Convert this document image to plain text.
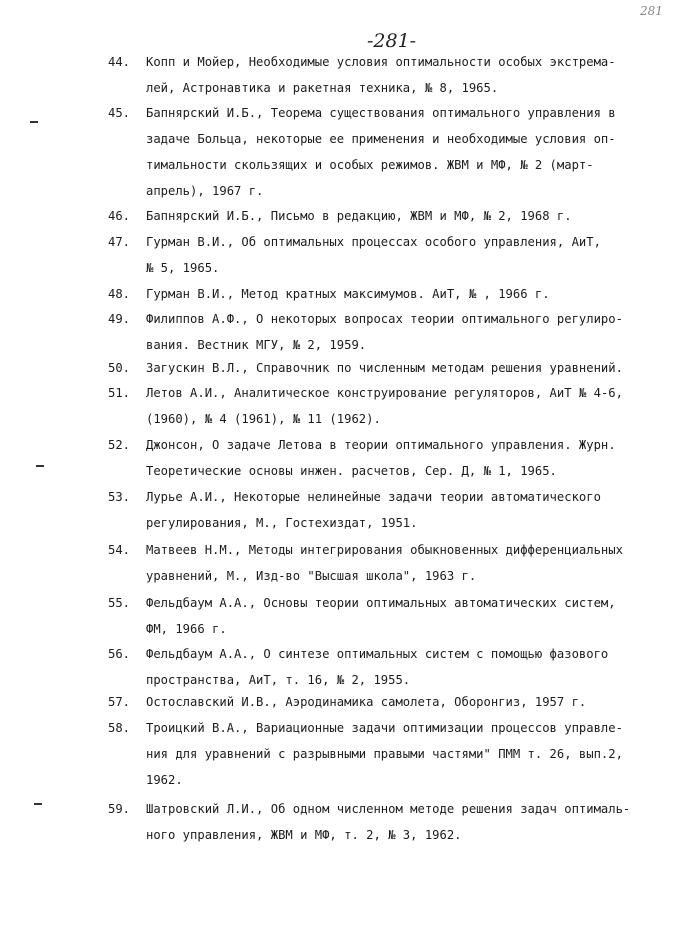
-281-
281
44.	Копп и Мойер, Необходимые условия оптимальности особых экстрема-
лей, Астронавтика и ракетная техника, № 8, 1965.
45.	Бапнярский И.Б., Теорема существования оптимального управления в
задаче Больца, некоторые ее применения и необходимые условия оп-
тимальности скользящих и особых режимов. ЖВМ и МФ, № 2 (март-
апрель), 1967 г.
46.	Бапнярский И.Б., Письмо в редакцию, ЖВМ и МФ, № 2, 1968 г.
47.	Гурман В.И., Об оптимальных процессах особого управления, АиТ,
№ 5, 1965.
48.	Гурман В.И., Метод кратных максимумов. АиТ, № , 1966 г.
49.	Филиппов А.Ф., О некоторых вопросах теории оптимального регулиро-
вания. Вестник МГУ, № 2, 1959.
50.	Загускин В.Л., Справочник по численным методам решения уравнений.
51.	Летов А.И., Аналитическое конструирование регуляторов, АиТ № 4-6,
(1960), № 4 (1961), № 11 (1962).
52.	Джонсон, О задаче Летова в теории оптимального управления. Журн.
Теоретические основы инжен. расчетов, Сер. Д, № 1, 1965.
53.	Лурье А.И., Некоторые нелинейные задачи теории автоматического
регулирования, М., Гостехиздат, 1951.
54.	Матвеев Н.М., Методы интегрирования обыкновенных дифференциальных
уравнений, М., Изд-во "Высшая школа", 1963 г.
55.	Фельдбаум А.А., Основы теории оптимальных автоматических систем,
ФМ, 1966 г.
56.	Фельдбаум А.А., О синтезе оптимальных систем с помощью фазового
пространства, АиТ, т. 16, № 2, 1955.
57.	Остославский И.В., Аэродинамика самолета, Оборонгиз, 1957 г.
58.	Троицкий В.А., Вариационные задачи оптимизации процессов управле-
ния для уравнений с разрывными правыми частями" ПММ т. 26, вып.2,
1962.
59.	Шатровский Л.И., Об одном численном методе решения задач оптималь-
ного управления, ЖВМ и МФ, т. 2, № 3, 1962.
